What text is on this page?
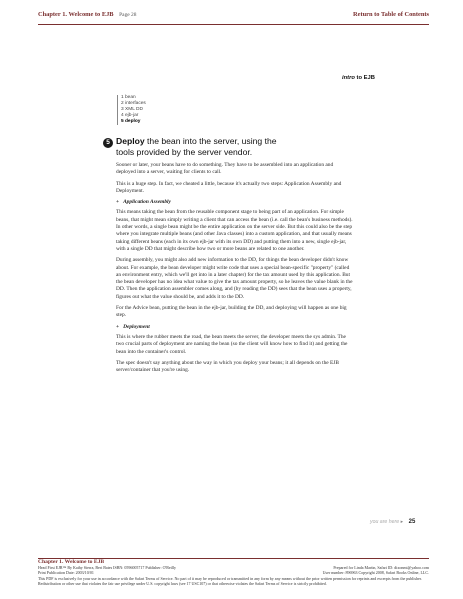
Chapter 1. Welcome to EJB Page 28	Return to Table of Contents
intro to EJB
1 bean
2 interfaces
3 XML DD
4 ejb-jar
5 deploy
5 Deploy the bean into the server, using the
tools provided by the server vendor.

Sooner or later, your beans have to do something. They have to be assembled into an application and deployed into a server, waiting for clients to call.

This is a huge step. In fact, we cheated a little, because it's actually two steps: Application Assembly and Deployment.

+ Application Assembly

This means taking the bean from the reusable component stage to being part of an application. For simple beans, that might mean simply writing a client that can access the bean (i.e. call the bean's business methods). In other words, a single bean might be the entire application on the server side. But this could also be the step where you integrate multiple beans (and other Java classes) into a custom application, and that usually means taking different beans (each in its own ejb-jar with its own DD) and putting them into a new, single ejb-jar, with a single DD that might describe how two or more beans are related to one another.

During assembly, you might also add new information to the DD, for things the bean developer didn't know about. For example, the bean developer might write code that uses a special bean-specific "property" (called an environment entry, which we'll get into in a later chapter) for the tax amount used by this application. But the bean developer has no idea what value to give the tax amount property, so he leaves the value blank in the DD. Then the application assembler comes along, and (by reading the DD) sees that the bean uses a property, figures out what the value should be, and adds it to the DD.

For the Advice bean, putting the bean in the ejb-jar, building the DD, and deploying will happen as one big step.

+ Deployment

This is where the rubber meets the road, the bean meets the server, the developer meets the sys admin. The two crucial parts of deployment are naming the bean (so the client will know how to find it) and getting the bean into the container's control.

The spec doesn't say anything about the way in which you deploy your beans; it all depends on the EJB server/container that you're using.

you are here ▸ 25
Chapter 1. Welcome to EJB
Head First EJB™ By Kathy Sierra, Bert Bates ISBN: 0596005717 Publisher: O'Reilly	Prepared for Linda Martin, Safari ID: dixonmt@yahoo.com
Print Publication Date: 2003/10/01	User number: 896963 Copyright 2008, Safari Books Online, LLC.
This PDF is exclusively for your use in accordance with the Safari Terms of Service. No part of it may be reproduced or transmitted in any form by any means without the prior written permission for reprints and excerpts from the publisher. Redistribution or other use that violates the fair use privilege under U.S. copyright laws (see 17 USC107) or that otherwise violates the Safari Terms of Service is strictly prohibited.
